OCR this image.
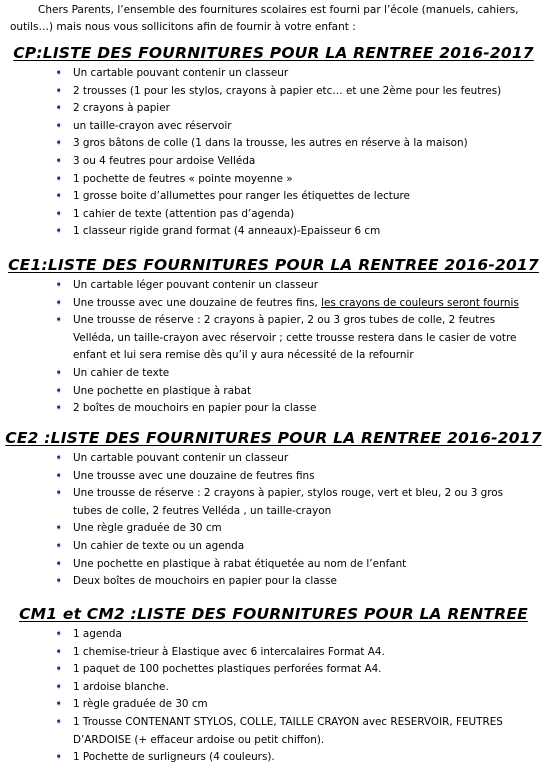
Chers Parents, l’ensemble des fournitures scolaires est fourni par l’école (manuels, cahiers, outils…) mais nous vous sollicitons afin de fournir à votre enfant :
CP:LISTE DES FOURNITURES POUR LA RENTREE 2016-2017
➧ Un cartable pouvant contenir un classeur
➧ 2 trousses (1 pour les stylos, crayons à papier etc… et une 2ème pour les feutres)
➧ 2 crayons à papier
➧ un taille-crayon avec réservoir
➧ 3 gros bâtons de colle (1 dans la trousse, les autres en réserve à la maison)
➧ 3 ou 4 feutres pour ardoise Velléda
➧ 1 pochette de feutres « pointe moyenne »
➧ 1 grosse boite d’allumettes pour ranger les étiquettes de lecture
➧ 1 cahier de texte (attention pas d’agenda)
➧ 1 classeur rigide grand format (4 anneaux)-Epaisseur 6 cm
CE1:LISTE DES FOURNITURES POUR LA RENTREE 2016-2017
➧ Un cartable léger pouvant contenir un classeur
➧ Une trousse avec une douzaine de feutres fins, les crayons de couleurs seront fournis
➧ Une trousse de réserve : 2 crayons à papier, 2 ou 3 gros tubes de colle, 2 feutres Velléda, un taille-crayon avec réservoir ; cette trousse restera dans le casier de votre enfant et lui sera remise dès qu’il y aura nécessité de la refournir
➧ Un cahier de texte
➧ Une pochette en plastique à rabat
➧ 2 boîtes de mouchoirs en papier pour la classe
CE2 :LISTE DES FOURNITURES POUR LA RENTREE 2016-2017
➧ Un cartable pouvant contenir un classeur
➧ Une trousse avec une douzaine de feutres fins
➧ Une trousse de réserve : 2 crayons à papier, stylos rouge, vert et bleu, 2 ou 3 gros tubes de colle, 2 feutres Velléda , un taille-crayon
➧ Une règle graduée de 30 cm
➧ Un cahier de texte ou un agenda
➧ Une pochette en plastique à rabat étiquetée au nom de l’enfant
➧ Deux boîtes de mouchoirs en papier pour la classe
CM1 et CM2 :LISTE DES FOURNITURES POUR LA RENTREE
➧ 1 agenda
➧ 1 chemise-trieur à Elastique avec 6 intercalaires Format A4.
➧ 1 paquet de 100 pochettes plastiques perforées format A4.
➧ 1 ardoise blanche.
➧ 1 règle graduée de 30 cm
➧ 1 Trousse CONTENANT STYLOS, COLLE, TAILLE CRAYON avec RESERVOIR, FEUTRES D’ARDOISE (+ effaceur ardoise ou petit chiffon).
➧ 1 Pochette de surligneurs (4 couleurs).
